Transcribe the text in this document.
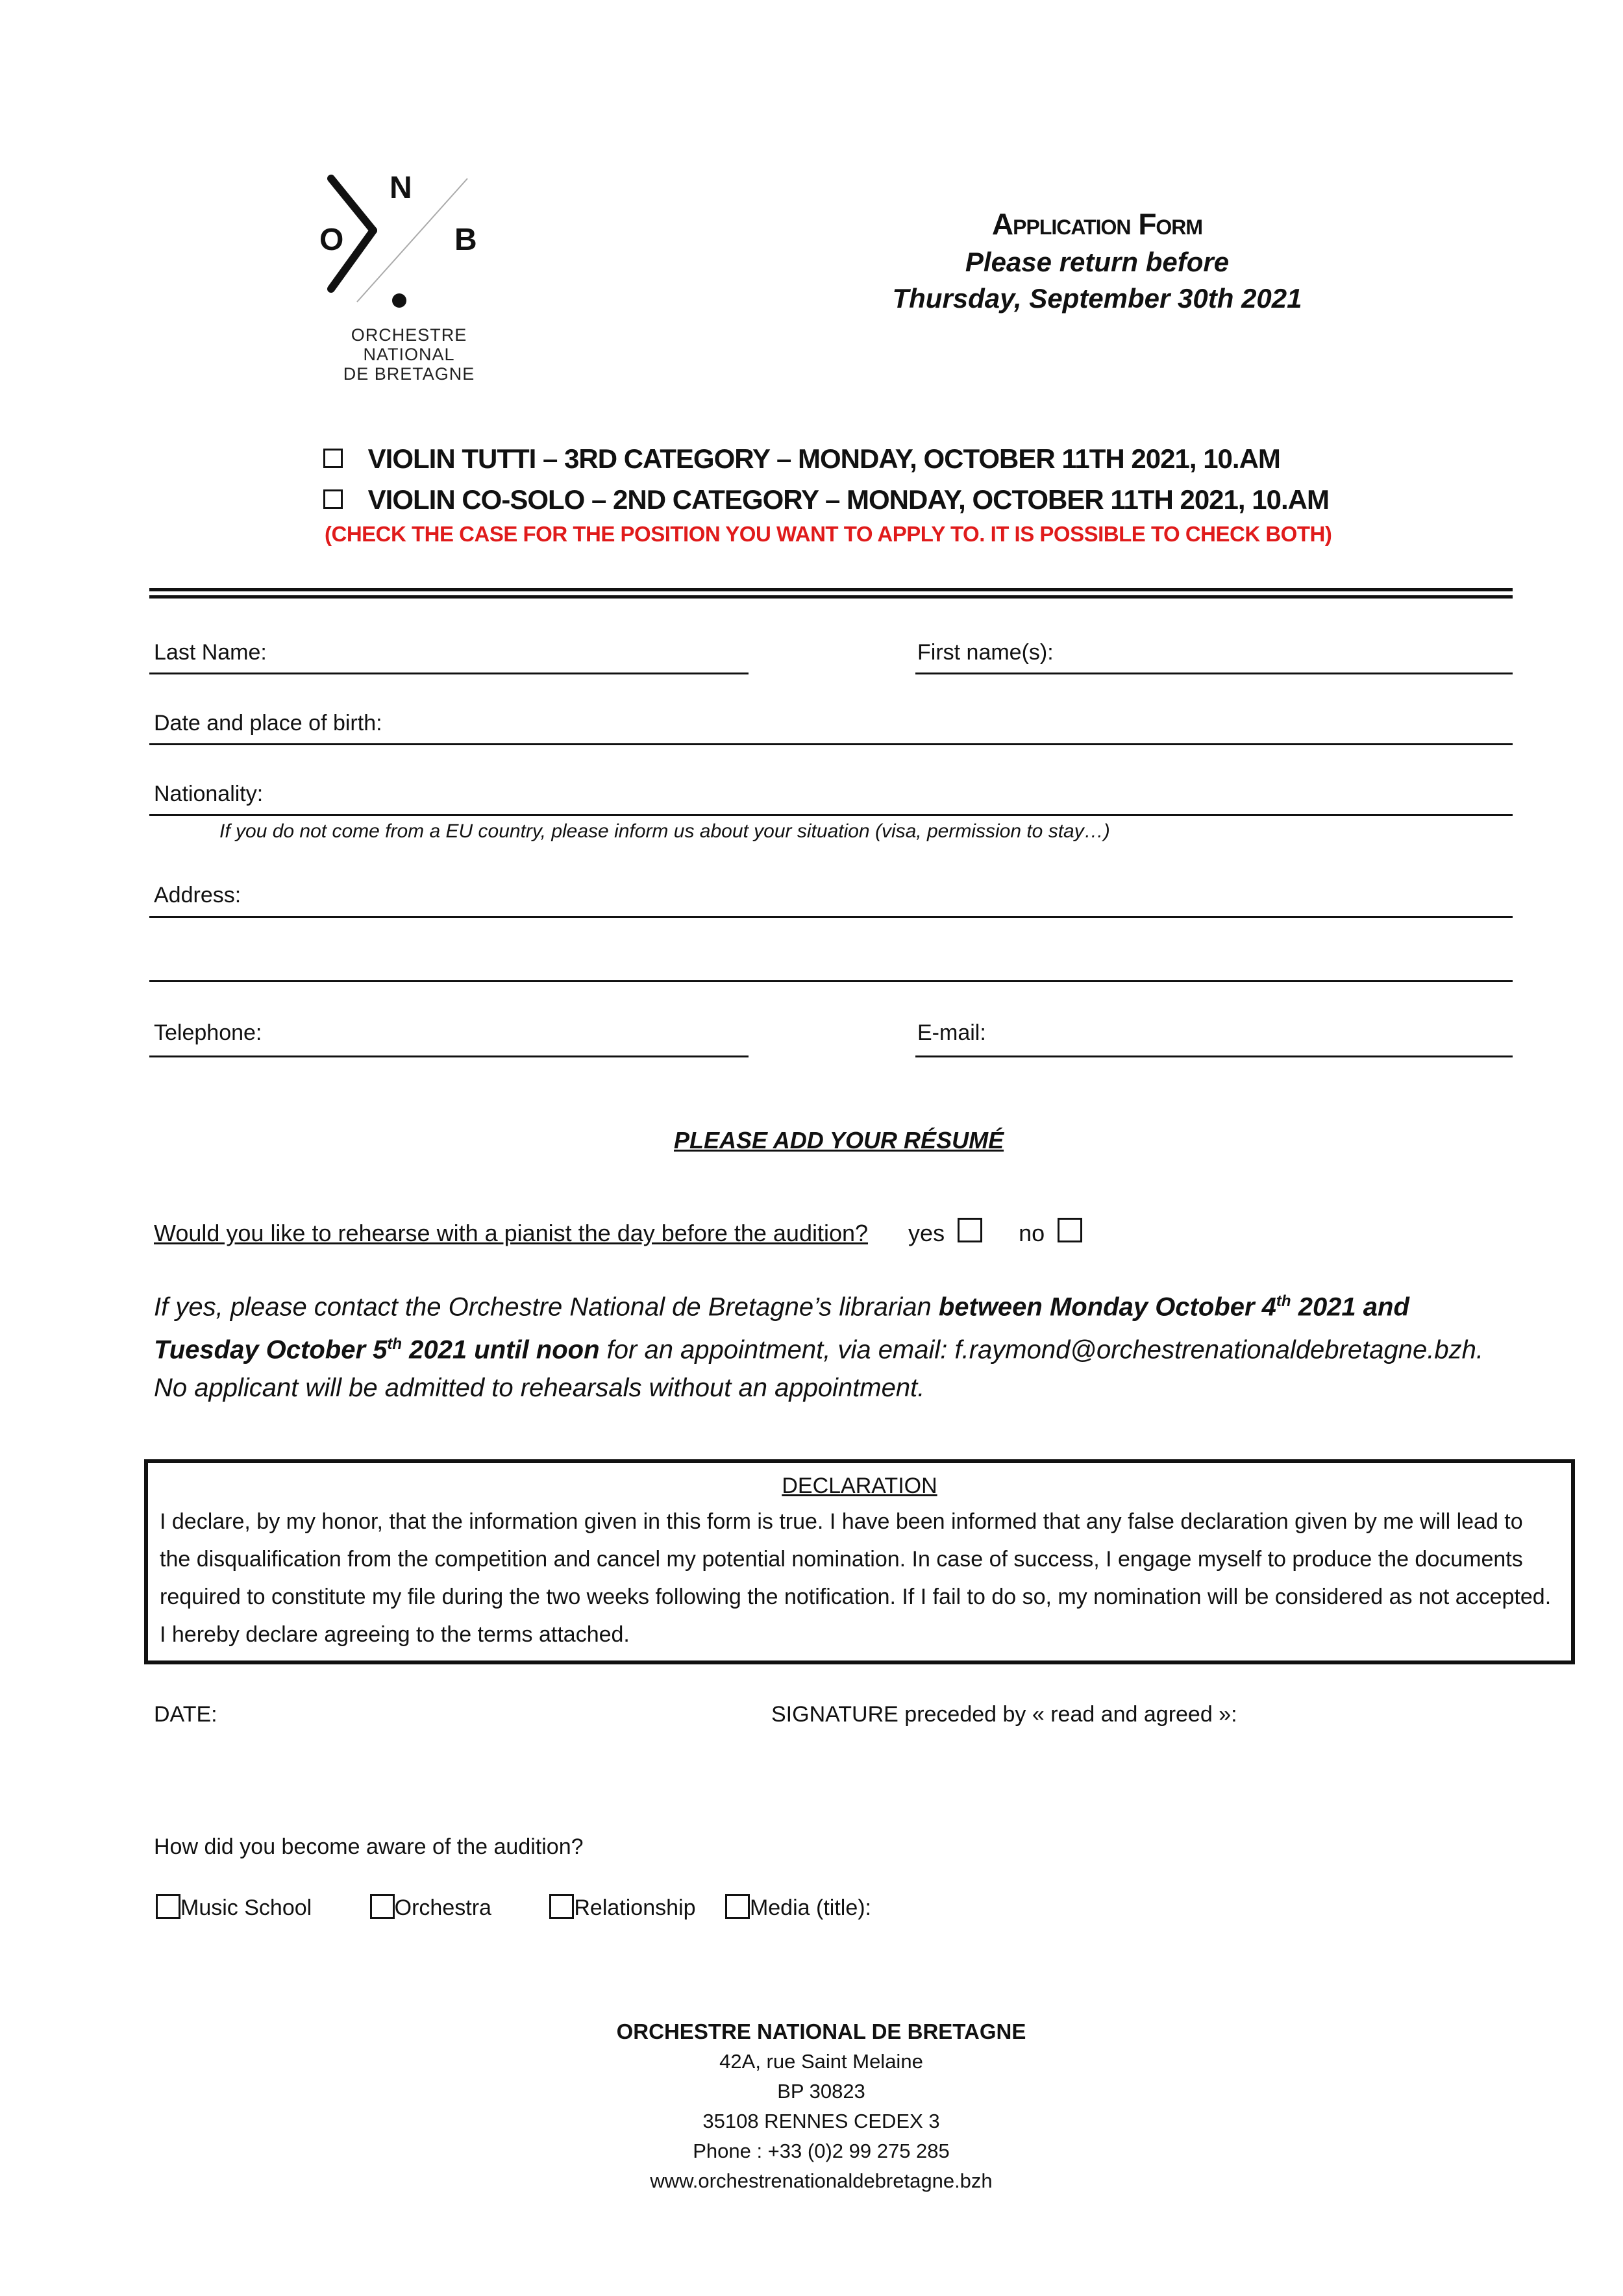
N
O	B
ORCHESTRE
NATIONAL
DE BRETAGNE
Application Form
Please return before
Thursday, September 30th 2021
VIOLIN TUTTI – 3RD CATEGORY – MONDAY, OCTOBER 11TH 2021, 10.AM
VIOLIN CO-SOLO – 2ND CATEGORY – MONDAY, OCTOBER 11TH 2021, 10.AM
(CHECK THE CASE FOR THE POSITION YOU WANT TO APPLY TO. IT IS POSSIBLE TO CHECK BOTH)
Last Name:	First name(s):
Date and place of birth:
Nationality:
If you do not come from a EU country, please inform us about your situation (visa, permission to stay…)
Address:
Telephone:	E-mail:
PLEASE ADD YOUR RÉSUMÉ
Would you like to rehearse with a pianist the day before the audition? yes	no
If yes, please contact the Orchestre National de Bretagne’s librarian between Monday October 4th 2021 and Tuesday October 5th 2021 until noon for an appointment, via email: f.raymond@orchestrenationaldebretagne.bzh. No applicant will be admitted to rehearsals without an appointment.
DECLARATION
I declare, by my honor, that the information given in this form is true. I have been informed that any false declaration given by me will lead to the disqualification from the competition and cancel my potential nomination. In case of success, I engage myself to produce the documents required to constitute my file during the two weeks following the notification. If I fail to do so, my nomination will be considered as not accepted. I hereby declare agreeing to the terms attached.
DATE:	SIGNATURE preceded by « read and agreed »:
How did you become aware of the audition?
Music School	Orchestra	Relationship Media (title):
ORCHESTRE NATIONAL DE BRETAGNE
42A, rue Saint Melaine
BP 30823
35108 RENNES CEDEX 3
Phone : +33 (0)2 99 275 285
www.orchestrenationaldebretagne.bzh
